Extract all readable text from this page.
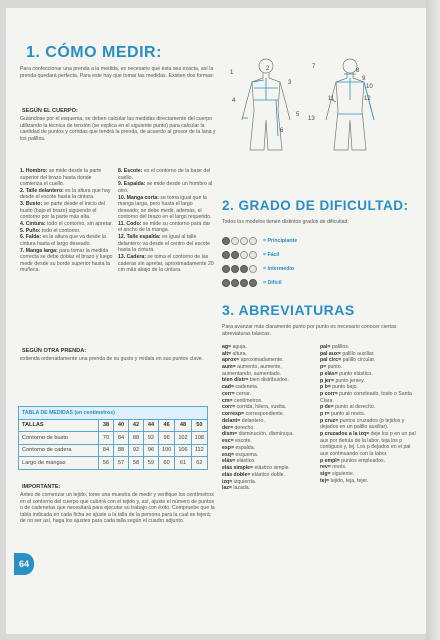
1. CÓMO MEDIR:
Para confeccionar una prenda a la medida, es necesario que ésta sea exacta, así la prenda quedará perfecta. Para este hay que tomar las medidas. Existen dos formas:
SEGÚN EL CUERPO:
Guiándose por el esquema, se deben calcular las medidas directamente del cuerpo utilizando la técnica de tensión (se explica en el siguiente punto) para calcular la cantidad de puntos y corridas que tendrá la prenda, de acuerdo al grosor de la lana y los palillos.
1. Hombro: se mide desde la parte superior del brazo hasta donde comienza el cuello.
2. Talle delantero: es la altura que hay desde el escote hasta la cintura.
3. Busto: se parte desde el inicio del busto (bajo el brazo) siguiendo el contorno por la parte más alta.
4. Cintura: todo el contorno, sin apretar.
5. Puño: todo el contorno.
6. Falda: es la altura que va desde la cintura hasta el largo deseado.
7. Manga larga: para tomar la medida correcta se debe doblar el brazo y luego medir desde su borde superior hasta la muñeca.
8. Escote: es el contorno de la base del cuello.
9. Espalda: se mide desde un hombro al otro.
10. Manga corta: se toma igual que la manga larga, pero hasta el largo deseado; se debe medir, además, el contorno del brazo en el largo requerido.
11. Codo: se mide su contorno para dar el ancho de la manga.
12. Talle espalda: es igual al talle delantero; va desde el centro del escote hasta la cintura.
13. Cadera: se toma el contorno de las caderas sin apretar, aproximadamente 20 cm más abajo de la cintura.
SEGÚN OTRA PRENDA:
extienda ordenadamente una prenda de su gusto y mídala en sus puntos clave.
TABLA DE MEDIDAS (en centímetros)							
TALLAS	38	40	42	44	46	48	50
Contorno de busto	70	84	88	92	96	102	108
Contorno de cadera	84	88	92	96	100	106	112
Largo de mangas	56	57	58	59	60	61	62
IMPORTANTE:
Antes de comenzar un tejido, tome una muestra de medir y verifique los centímetros en el contorno del cuerpo que cubrirá con el tejido y, así, ajuste el número de puntos o de cadenetas que necesitará para ejecutar su trabajo con éxito. Compruebe que la tabla indicada en cada ficha se ajuste a la talla de la persona para la cual se tejerá; de no ser así, haga los ajustes para cada talla según el cuadro adjunto.
1
2
3
4
5
6
7
8
9
10
11	12
13
2. GRADO DE DIFICULTAD:
Todos los modelos tienen distintos grados de dificultad:
= Principiante
= Fácil
= Intermedio
= Difícil
3. ABREVIATURAS
Para avanzar más claramente punto por punto es necesario conocer ciertas abreviaturas básicas.
ag= aguja.
alt= altura.
aprox= aproximadamente.
aum= aumento, aumente, aumentando, aumentado.
bien distr= bien distribuidos.
cad= cadeneta.
cerr= cerrar.
cm= centímetros.
corr= corrida, hilera, vuelta.
corresp= correspondiente.
delant= delantero.
der= derecho.
dism= disminución, disminuya.
esc= escote.
esp= espalda.
esq= esquema.
elás= elástico.
elás simple= elástico simple.
elás doble= elástico doble.
izq= izquierda.
laz= lazada.
pal= palillos.
pal aux= palillo auxiliar.
pal circ= palillo circular.
p= punto.
p elás= punto elástico.
p jer= punto jersey.
p b= punto bajo.
p corr= punto correteado, tosto o Santa Clara.
p de= punto al derecho.
p r= punto al revés.
p cruz= puntos cruzados (p tejidos y dejados en un palillo auxiliar).
p cruzados a la izq= deje los p en un pal aux por detrás de la labor, teja los p contiguos y, tej. Los p dejados en el pal aux continuando con la labor.
p empl= puntos empleados.
rev= revés.
sig= siguiente.
tej= tejido, teja, tejer.
64
